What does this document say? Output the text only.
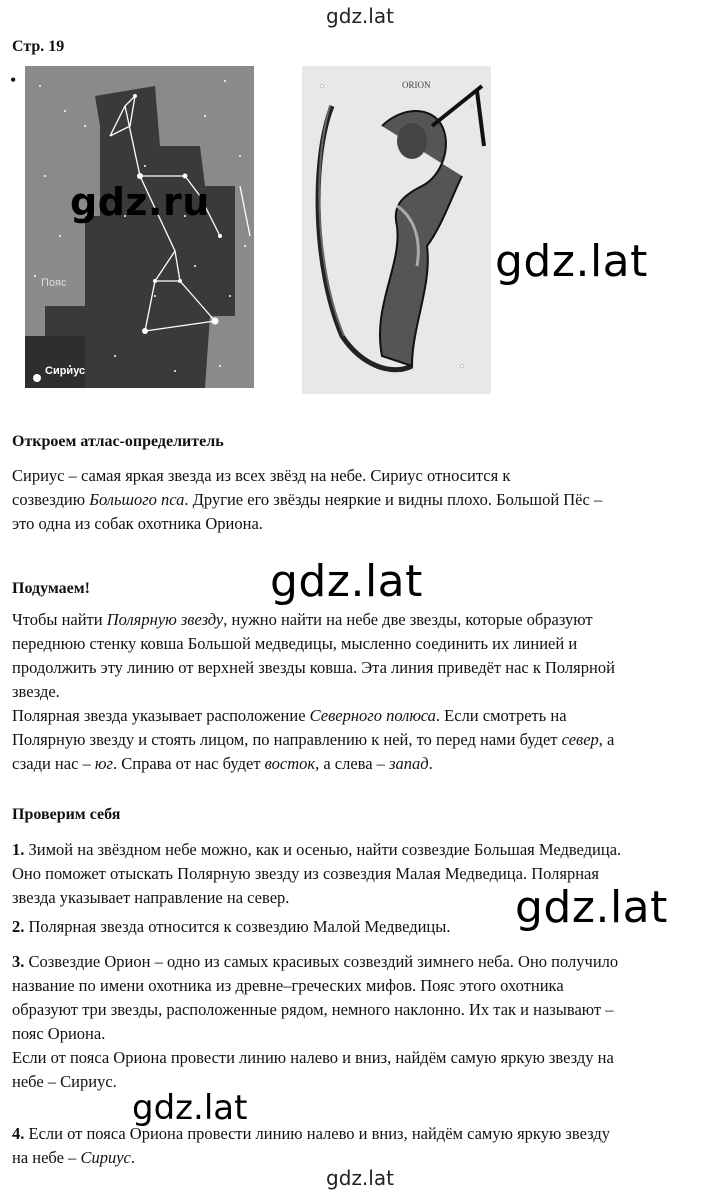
gdz.lat
Стр. 19
•
Пояс
Сириус
gdz.ru
ORION
gdz.lat
Откроем атлас-определитель

Сириус – самая яркая звезда из всех звёзд на небе. Сириус относится к
созвездию Большого пса. Другие его звёзды неяркие и видны плохо. Большой Пёс –
это одна из собак охотника Ориона.

Подумаем!	gdz.lat

Чтобы найти Полярную звезду, нужно найти на небе две звезды, которые образуют
переднюю стенку ковша Большой медведицы, мысленно соединить их линией и
продолжить эту линию от верхней звезды ковша. Эта линия приведёт нас к Полярной
звезде.
Полярная звезда указывает расположение Северного полюса. Если смотреть на
Полярную звезду и стоять лицом, по направлению к ней, то перед нами будет север, а
сзади нас – юг. Справа от нас будет восток, а слева – запад.

Проверим себя

1. Зимой на звёздном небе можно, как и осенью, найти созвездие Большая Медведица.
Оно поможет отыскать Полярную звезду из созвездия Малая Медведица. Полярная
звезда указывает направление на север.

2. Полярная звезда относится к созвездию Малой Медведицы.	gdz.lat

3. Созвездие Орион – одно из самых красивых созвездий зимнего неба. Оно получило
название по имени охотника из древне–греческих мифов. Пояс этого охотника
образуют три звезды, расположенные рядом, немного наклонно. Их так и называют –
пояс Ориона.
Если от пояса Ориона провести линию налево и вниз, найдём самую яркую звезду на
небе – Сириус.

gdz.lat

4. Если от пояса Ориона провести линию налево и вниз, найдём самую яркую звезду
на небе – Сириус.

gdz.lat
